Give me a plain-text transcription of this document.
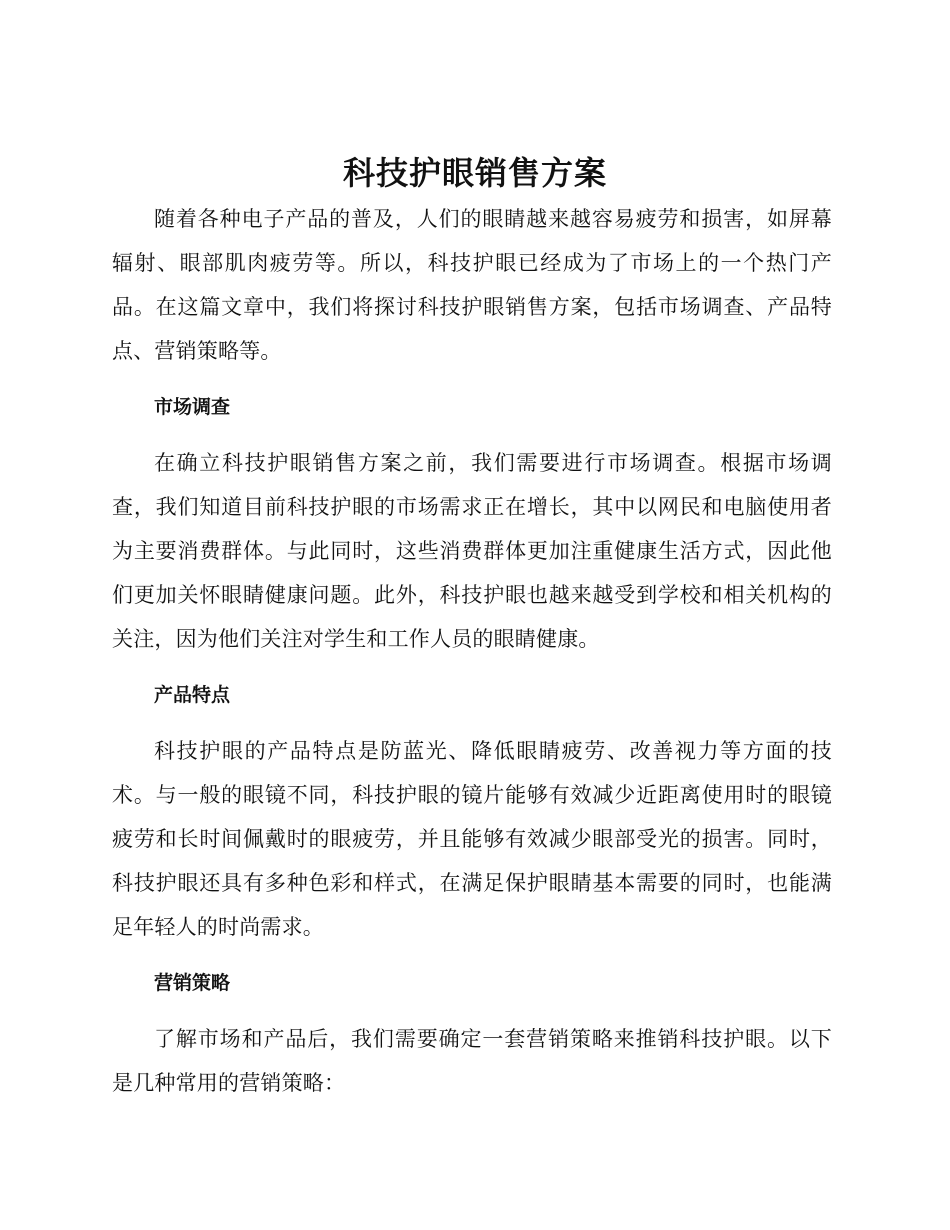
科技护眼销售方案

随着各种电子产品的普及，人们的眼睛越来越容易疲劳和损害，如屏幕辐射、眼部肌肉疲劳等。所以，科技护眼已经成为了市场上的一个热门产品。在这篇文章中，我们将探讨科技护眼销售方案，包括市场调查、产品特点、营销策略等。

市场调查

在确立科技护眼销售方案之前，我们需要进行市场调查。根据市场调查，我们知道目前科技护眼的市场需求正在增长，其中以网民和电脑使用者为主要消费群体。与此同时，这些消费群体更加注重健康生活方式，因此他们更加关怀眼睛健康问题。此外，科技护眼也越来越受到学校和相关机构的关注，因为他们关注对学生和工作人员的眼睛健康。

产品特点

科技护眼的产品特点是防蓝光、降低眼睛疲劳、改善视力等方面的技术。与一般的眼镜不同，科技护眼的镜片能够有效减少近距离使用时的眼镜疲劳和长时间佩戴时的眼疲劳，并且能够有效减少眼部受光的损害。同时，科技护眼还具有多种色彩和样式，在满足保护眼睛基本需要的同时，也能满足年轻人的时尚需求。

营销策略

了解市场和产品后，我们需要确定一套营销策略来推销科技护眼。以下是几种常用的营销策略：
